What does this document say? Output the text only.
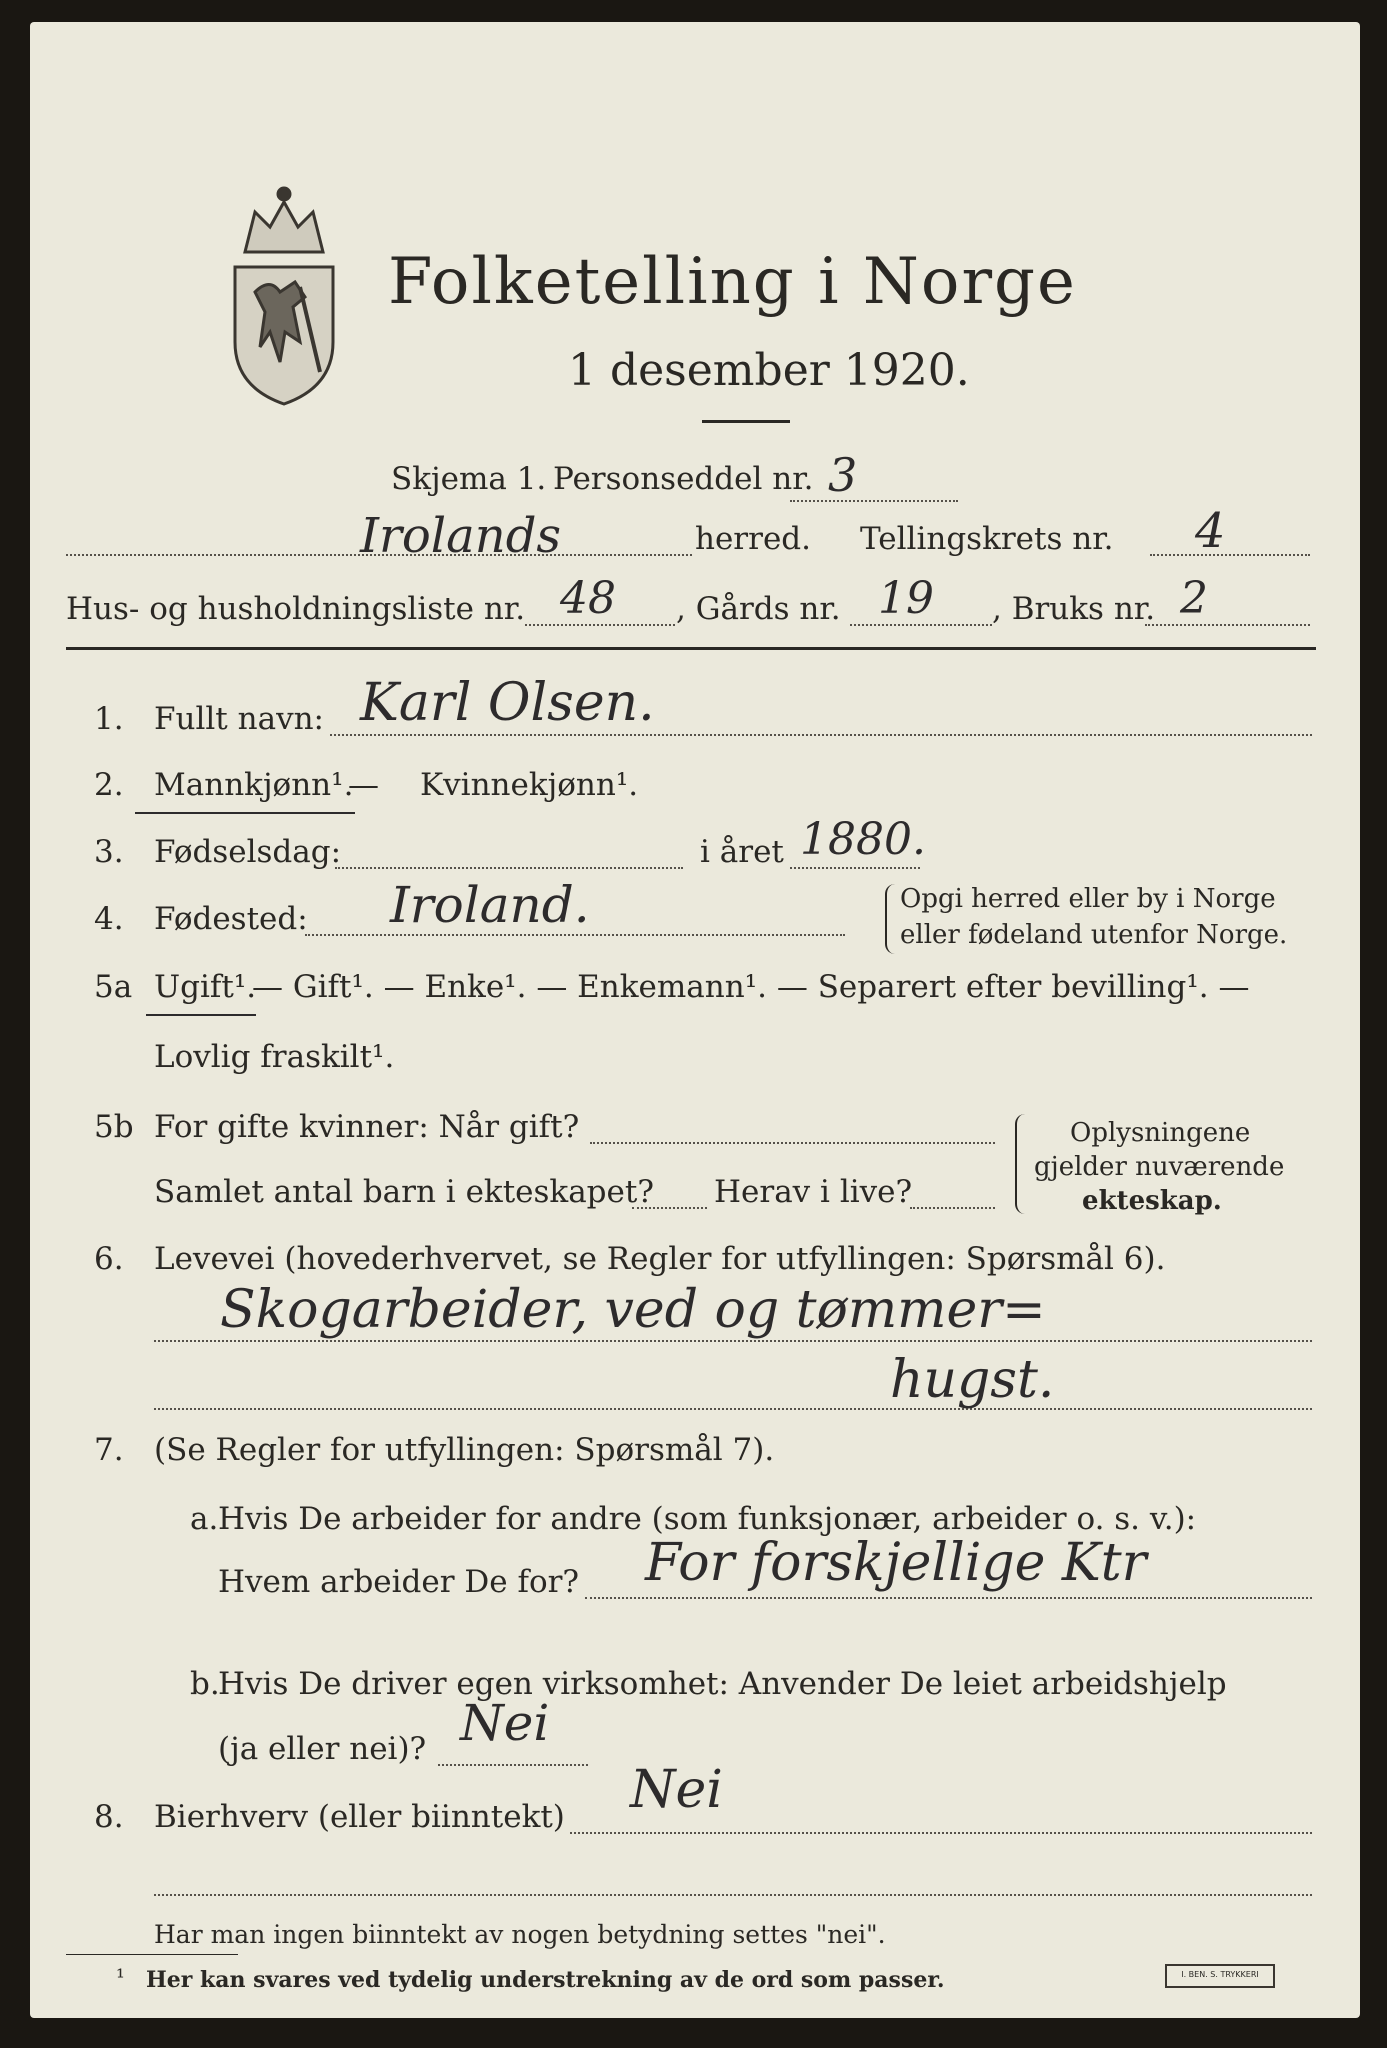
Folketelling i Norge
1 desember 1920.
Skjema 1. Personseddel nr. 3
Irolands	herred. Tellingskrets nr. 4
Hus- og husholdningsliste nr. 48 , Gårds nr. 19 , Bruks nr. 2
1. Fullt navn: Karl Olsen.
2. Mannkjønn¹.
— Kvinnekjønn¹.
3. Fødselsdag:	i året 1880.
4. Fødested: Iroland.	Opgi herred eller by i Norge
eller fødeland utenfor Norge.
5a Ugift¹.
— Gift¹. — Enke¹. — Enkemann¹. — Separert efter bevilling¹. —
Lovlig fraskilt¹.
5b For gifte kvinner: Når gift?
Samlet antal barn i ekteskapet? Herav i live?
Oplysningene
gjelder nuværende
ekteskap.
6. Levevei (hovederhvervet, se Regler for utfyllingen: Spørsmål 6).
Skogarbeider, ved og tømmer=
hugst.
7. (Se Regler for utfyllingen: Spørsmål 7).
a. Hvis De arbeider for andre (som funksjonær, arbeider o. s. v.):
Hvem arbeider De for? For forskjellige Ktr
b.
Hvis De driver egen virksomhet: Anvender De leiet arbeidshjelp
(ja eller nei)? Nei
8. Bierhverv (eller biinntekt) Nei
Har man ingen biinntekt av nogen betydning settes "nei".
¹ Her kan svares ved tydelig understrekning av de ord som passer.	I. BEN. S. TRYKKERI
